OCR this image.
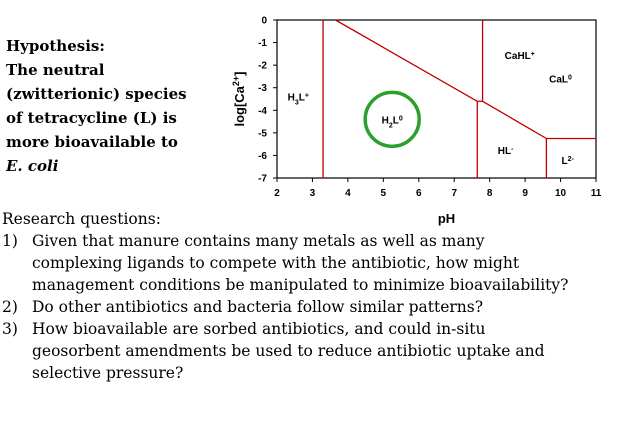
Hypothesis:
The neutral
(zwitterionic) species
of tetracycline (L) is
more bioavailable to
E. coli
2	3	4	5	6	7	8	9	10 11
0
-1
-2
-3
-4
-5
-6
-7
pH
$\log[Ca^{2+}]$
$H_3L^+$
$H_2L^0$
CaHL+
CaL$^0$
HL-
$L^{2-}$
Research questions:
1) Given that manure contains many metals as well as many
complexing ligands to compete with the antibiotic, how might
management conditions be manipulated to minimize bioavailability?
2) Do other antibiotics and bacteria follow similar patterns?
3) How bioavailable are sorbed antibiotics, and could in-situ
geosorbent amendments be used to reduce antibiotic uptake and
selective pressure?
